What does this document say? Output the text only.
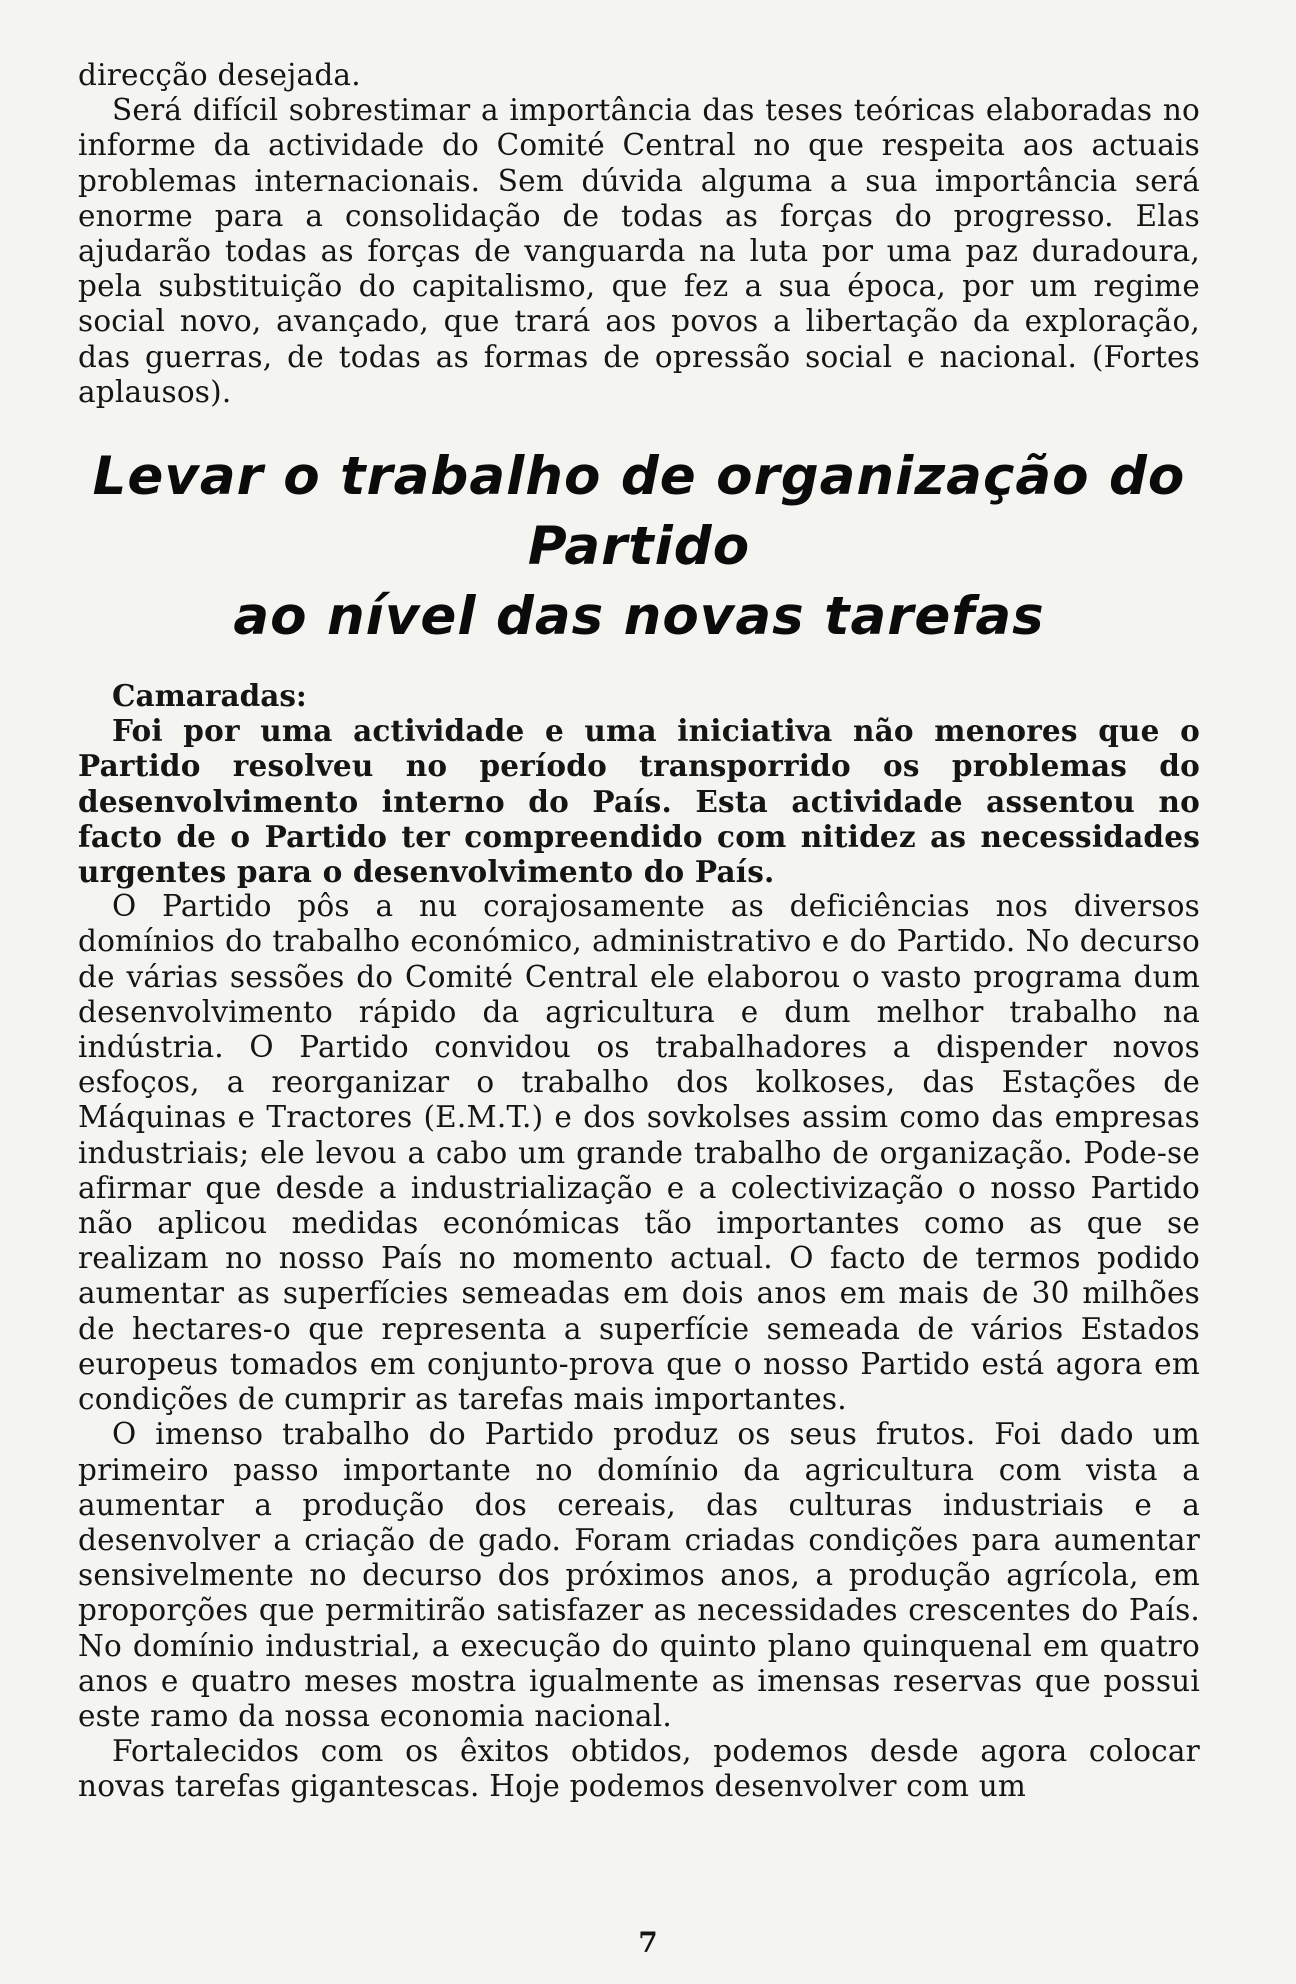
direcção desejada.

Será difícil sobrestimar a importância das teses teóricas elaboradas no informe da actividade do Comité Central no que respeita aos actuais problemas internacionais. Sem dúvida alguma a sua importância será enorme para a consolidação de todas as forças do progresso. Elas ajudarão todas as forças de vanguarda na luta por uma paz duradoura, pela substituição do capitalismo, que fez a sua época, por um regime social novo, avançado, que trará aos povos a libertação da exploração, das guerras, de todas as formas de opressão social e nacional. (Fortes aplausos).

Levar o trabalho de organização do Partido
ao nível das novas tarefas

Camaradas:

Foi por uma actividade e uma iniciativa não menores que o Partido resolveu no período transporrido os problemas do desenvolvimento interno do País. Esta actividade assentou no facto de o Partido ter compreendido com nitidez as necessidades urgentes para o desenvolvimento do País.

O Partido pôs a nu corajosamente as deficiências nos diversos domínios do trabalho económico, administrativo e do Partido. No decurso de várias sessões do Comité Central ele elaborou o vasto programa dum desenvolvimento rápido da agricultura e dum melhor trabalho na indústria. O Partido convidou os trabalhadores a dispender novos esfoços, a reorganizar o trabalho dos kolkoses, das Estações de Máquinas e Tractores (E.M.T.) e dos sovkolses assim como das empresas industriais; ele levou a cabo um grande trabalho de organização. Pode-se afirmar que desde a industrialização e a colectivização o nosso Partido não aplicou medidas económicas tão importantes como as que se realizam no nosso País no momento actual. O facto de termos podido aumentar as superfícies semeadas em dois anos em mais de 30 milhões de hectares-o que representa a superfície semeada de vários Estados europeus tomados em conjunto-prova que o nosso Partido está agora em condições de cumprir as tarefas mais importantes.

O imenso trabalho do Partido produz os seus frutos. Foi dado um primeiro passo importante no domínio da agricultura com vista a aumentar a produção dos cereais, das culturas industriais e a desenvolver a criação de gado. Foram criadas condições para aumentar sensivelmente no decurso dos próximos anos, a produção agrícola, em proporções que permitirão satisfazer as necessidades crescentes do País. No domínio industrial, a execução do quinto plano quinquenal em quatro anos e quatro meses mostra igualmente as imensas reservas que possui este ramo da nossa economia nacional.

Fortalecidos com os êxitos obtidos, podemos desde agora colocar novas tarefas gigantescas. Hoje podemos desenvolver com um

7
